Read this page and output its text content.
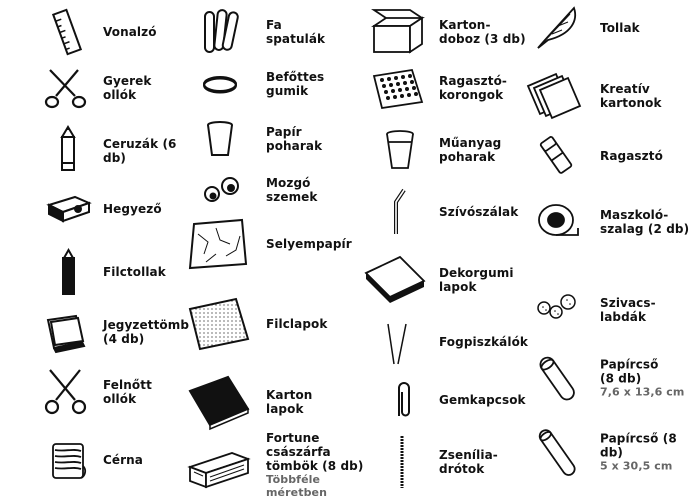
Vonalzó
Gyerek
ollók
Ceruzák (6 db)
Hegyező
Filctollak
Jegyzettömb
(4 db)
Felnőtt
ollók
Cérna
Fa
spatulák
Befőttes
gumik
Papír
poharak
Mozgó
szemek
Selyempapír
Filclapok
Karton
lapok
Fortune császárfa
tömbök (8 db)
Többféle
méretben
Karton-
doboz (3 db)
Ragasztó-
korongok
Műanyag
poharak
Szívószálak
Dekorgumi
lapok
Fogpiszkálók
Gemkapcsok
Zsenília-
drótok
Tollak
Kreatív
kartonok
Ragasztó
Maszkoló-
szalag (2 db)
Szivacs-
labdák
Papírcső
(8 db)
7,6 x 13,6 cm
Papírcső (8
db)
5 x 30,5 cm
